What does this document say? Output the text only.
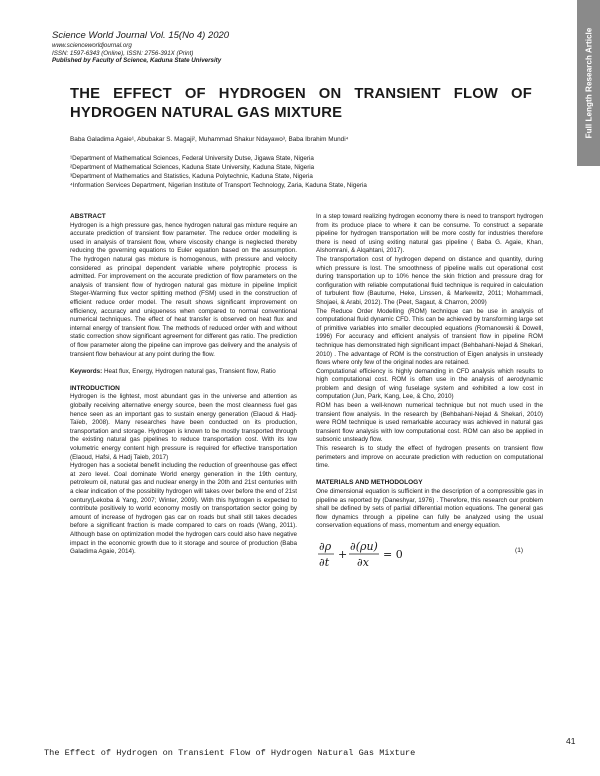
Science World Journal Vol. 15(No 4) 2020

www.scienceworldjournal.org

ISSN: 1597-6343 (Online), ISSN: 2756-391X (Print)

Published by Faculty of Science, Kaduna State University	Full Length Research Article
THE EFFECT OF HYDROGEN ON TRANSIENT FLOW OF HYDROGEN NATURAL GAS MIXTURE

Baba Galadima Agaie¹, Abubakar S. Magaji², Muhammad Shakur Ndayawo³, Baba Ibrahim Mundi⁴

¹Department of Mathematical Sciences, Federal University Dutse, Jigawa State, Nigeria

²Department of Mathematical Sciences, Kaduna State University, Kaduna State, Nigeria

³Department of Mathematics and Statistics, Kaduna Polytechnic, Kaduna State, Nigeria

⁴Information Services Department, Nigerian Institute of Transport Technology, Zaria, Kaduna State, Nigeria

ABSTRACT

Hydrogen is a high pressure gas, hence hydrogen natural gas mixture require an accurate prediction of transient flow parameter. The reduce order modelling is used in analysis of transient flow, where viscosity change is neglected thereby reducing the governing equations to Euler equation based on the assumption. The hydrogen natural gas mixture is homogenous, with pressure and velocity considered as principal dependent variable where polytrophic process is admitted. For improvement on the accurate prediction of flow parameters on the analysis of transient flow of hydrogen natural gas mixture in pipeline Implicit Steger-Warming flux vector splitting method (FSM) used in the construction of efficient reduce order model. The result shows significant improvement on efficiency, accuracy and uniqueness when compared to normal conventional numerical techniques. The effect of heat transfer is observed on heat flux and internal energy of transient flow. The methods of reduced order with and without static correction show significant agreement for different gas ratio. The prediction of flow parameter along the pipeline can improve gas delivery and the analysis of transient flow behaviour at any point during the flow.

Keywords: Heat flux, Energy, Hydrogen natural gas, Transient flow, Ratio

INTRODUCTION

Hydrogen is the lightest, most abundant gas in the universe and attention as globally receiving alternative energy source, been the most cleanness fuel gas hence seen as an important gas to sustain energy generation (Elaoud & Hadj-Taïeb, 2008). Many researches have been conducted on its production, transportation and storage. Hydrogen is known to be mostly transported through the existing natural gas pipelines to reduce transportation cost. With its low volumetric energy content high pressure is required for effective transportation (Elaoud, Hafsi, & Hadj Taieb, 2017)

Hydrogen has a societal benefit including the reduction of greenhouse gas effect at zero level. Coal dominate World energy generation in the 19th century, petroleum oil, natural gas and nuclear energy in the 20th and 21st centuries with a clear indication of the possibility hydrogen will takes over before the end of 21st century(Lekoba & Yang, 2007; Winter, 2009). With this hydrogen is expected to contribute positively to world economy mostly on transportation sector going by amount of increase of hydrogen gas car on roads but shall still takes decades before a significant fraction is made compared to cars on roads (Wang, 2011). Although base on optimization model the hydrogen cars could also have negative impact in the economic growth due to it storage and source of production (Baba Galadima Agaie, 2014).

In a step toward realizing hydrogen economy there is need to transport hydrogen from its produce place to where it can be consume. To construct a separate pipeline for hydrogen transportation will be more costly for industries therefore there is need of using exiting natural gas pipeline ( Baba G. Agaie, Khan, Alshomrani, & Alqahtani, 2017).

The transportation cost of hydrogen depend on distance and quantity, during which pressure is lost. The smoothness of pipeline walls cut operational cost during transportation up to 10% hence the skin friction and pressure drag for configuration with reliable computational fluid technique is required in calculation of turbulent flow (Bautume, Heke, Linssen, & Markewitz, 2011; Mohammadi, Shojaei, & Arabi, 2012). The (Peet, Sagaut, & Charron, 2009)

The Reduce Order Modelling (ROM) technique can be use in analysis of computational fluid dynamic CFD. This can be achieved by transforming large set of primitive variables into smaller decoupled equations (Romanowski & Dowell, 1996) For accuracy and efficient analysis of transient flow in pipeline ROM technique has demonstrated high significant impact (Behbahani-Nejad & Shekari, 2010) . The advantage of ROM is the construction of Eigen analysis in unsteady flows where only few of the original nodes are retained.

Computational efficiency is highly demanding in CFD analysis which results to high computational cost. ROM is often use in the analysis of aerodynamic problem and design of wing fuselage system and exhibited a low cost in computation (Jun, Park, Kang, Lee, & Cho, 2010)

ROM has been a well-known numerical technique but not much used in the transient flow analysis. In the research by (Behbahani-Nejad & Shekari, 2010) were ROM technique is used remarkable accuracy was achieved in natural gas transient flow analysis with low computational cost. ROM can also be applied in subsonic unsteady flow.

This research is to study the effect of hydrogen presents on transient flow perimeters and improve on accurate prediction with reduction on computational time.

MATERIALS AND METHODOLOGY

One dimensional equation is sufficient in the description of a compressible gas in pipeline as reported by (Daneshyar, 1976) . Therefore, this research our problem shall be defined by sets of partial differential motion equations. The general gas flow dynamics through a pipeline can fully be analyzed using the usual conservation equations of mass, momentum and energy equation.

∂ρ
∂t
+
∂(ρu)
∂x
= 0	(1)
41
The Effect of Hydrogen on Transient Flow of Hydrogen Natural Gas Mixture
